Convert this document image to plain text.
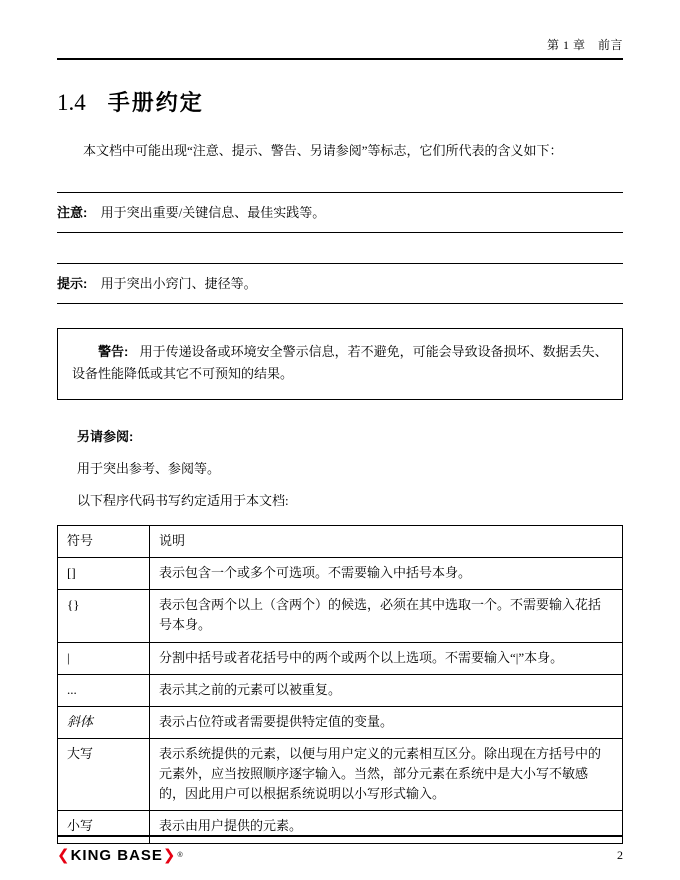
第 1 章　前言
1.4 手册约定

本文档中可能出现“注意、提示、警告、另请参阅”等标志，它们所代表的含义如下：

注意: 用于突出重要/关键信息、最佳实践等。
提示: 用于突出小窍门、捷径等。

警告: 用于传递设备或环境安全警示信息，若不避免，可能会导致设备损坏、数据丢失、设备性能降低或其它不可预知的结果。

另请参阅:
用于突出参考、参阅等。
以下程序代码书写约定适用于本文档:
符号	说明
[]	表示包含一个或多个可选项。不需要输入中括号本身。
{}	表示包含两个以上（含两个）的候选，必须在其中选取一个。不需要输入花括号本身。
|	分割中括号或者花括号中的两个或两个以上选项。不需要输入“|”本身。
...	表示其之前的元素可以被重复。
斜体	表示占位符或者需要提供特定值的变量。
大写	表示系统提供的元素，以便与用户定义的元素相互区分。除出现在方括号中的元素外，应当按照顺序逐字输入。当然，部分元素在系统中是大小写不敏感的，因此用户可以根据系统说明以小写形式输入。
小写	表示由用户提供的元素。
❮ KING BASE ❯ ®	2
